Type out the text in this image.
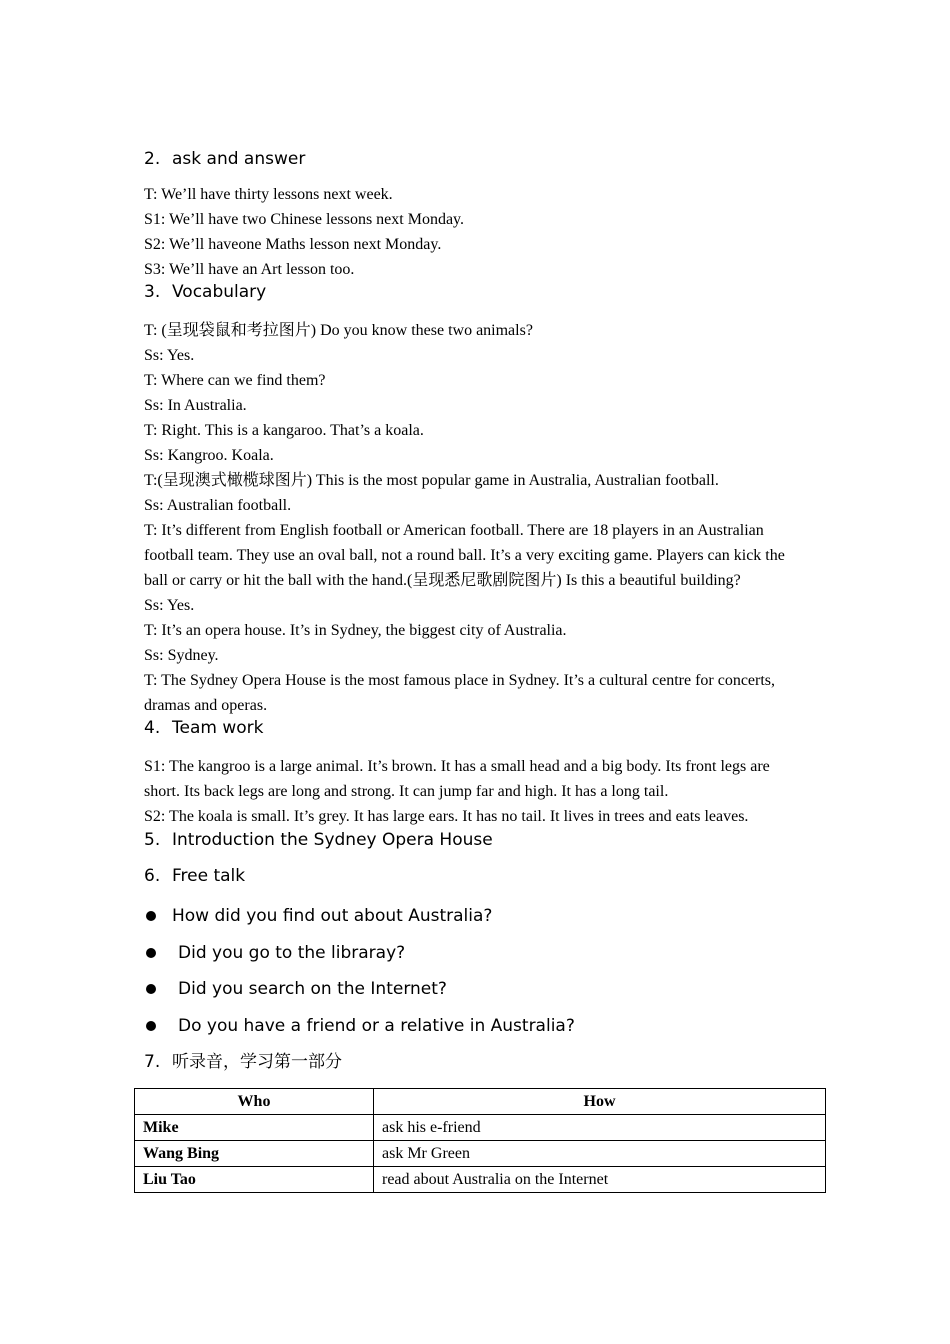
2. ask and answer
T: We’ll have thirty lessons next week.
S1: We’ll have two Chinese lessons next Monday.
S2: We’ll haveone Maths lesson next Monday.
S3: We’ll have an Art lesson too.
3. Vocabulary
T: (呈现袋鼠和考拉图片) Do you know these two animals?
Ss: Yes.
T: Where can we find them?
Ss: In Australia.
T: Right. This is a kangaroo. That’s a koala.
Ss: Kangroo. Koala.
T:(呈现澳式橄榄球图片) This is the most popular game in Australia, Australian football.
Ss: Australian football.
T: It’s different from English football or American football. There are 18 players in an Australian football team. They use an oval ball, not a round ball. It’s a very exciting game. Players can kick the ball or carry or hit the ball with the hand.(呈现悉尼歌剧院图片) Is this a beautiful building?
Ss: Yes.
T: It’s an opera house. It’s in Sydney, the biggest city of Australia.
Ss: Sydney.
T: The Sydney Opera House is the most famous place in Sydney. It’s a cultural centre for concerts, dramas and operas.
4. Team work
S1: The kangroo is a large animal. It’s brown. It has a small head and a big body. Its front legs are short. Its back legs are long and strong. It can jump far and high. It has a long tail.
S2: The koala is small. It’s grey. It has large ears. It has no tail. It lives in trees and eats leaves.
5. Introduction the Sydney Opera House
6. Free talk
How did you find out about Australia?
Did you go to the libraray?
Did you search on the Internet?
Do you have a friend or a relative in Australia?
7. 听录音，学习第一部分
Who	How
Mike	ask his e-friend
Wang Bing	ask Mr Green
Liu Tao	read about Australia on the Internet
